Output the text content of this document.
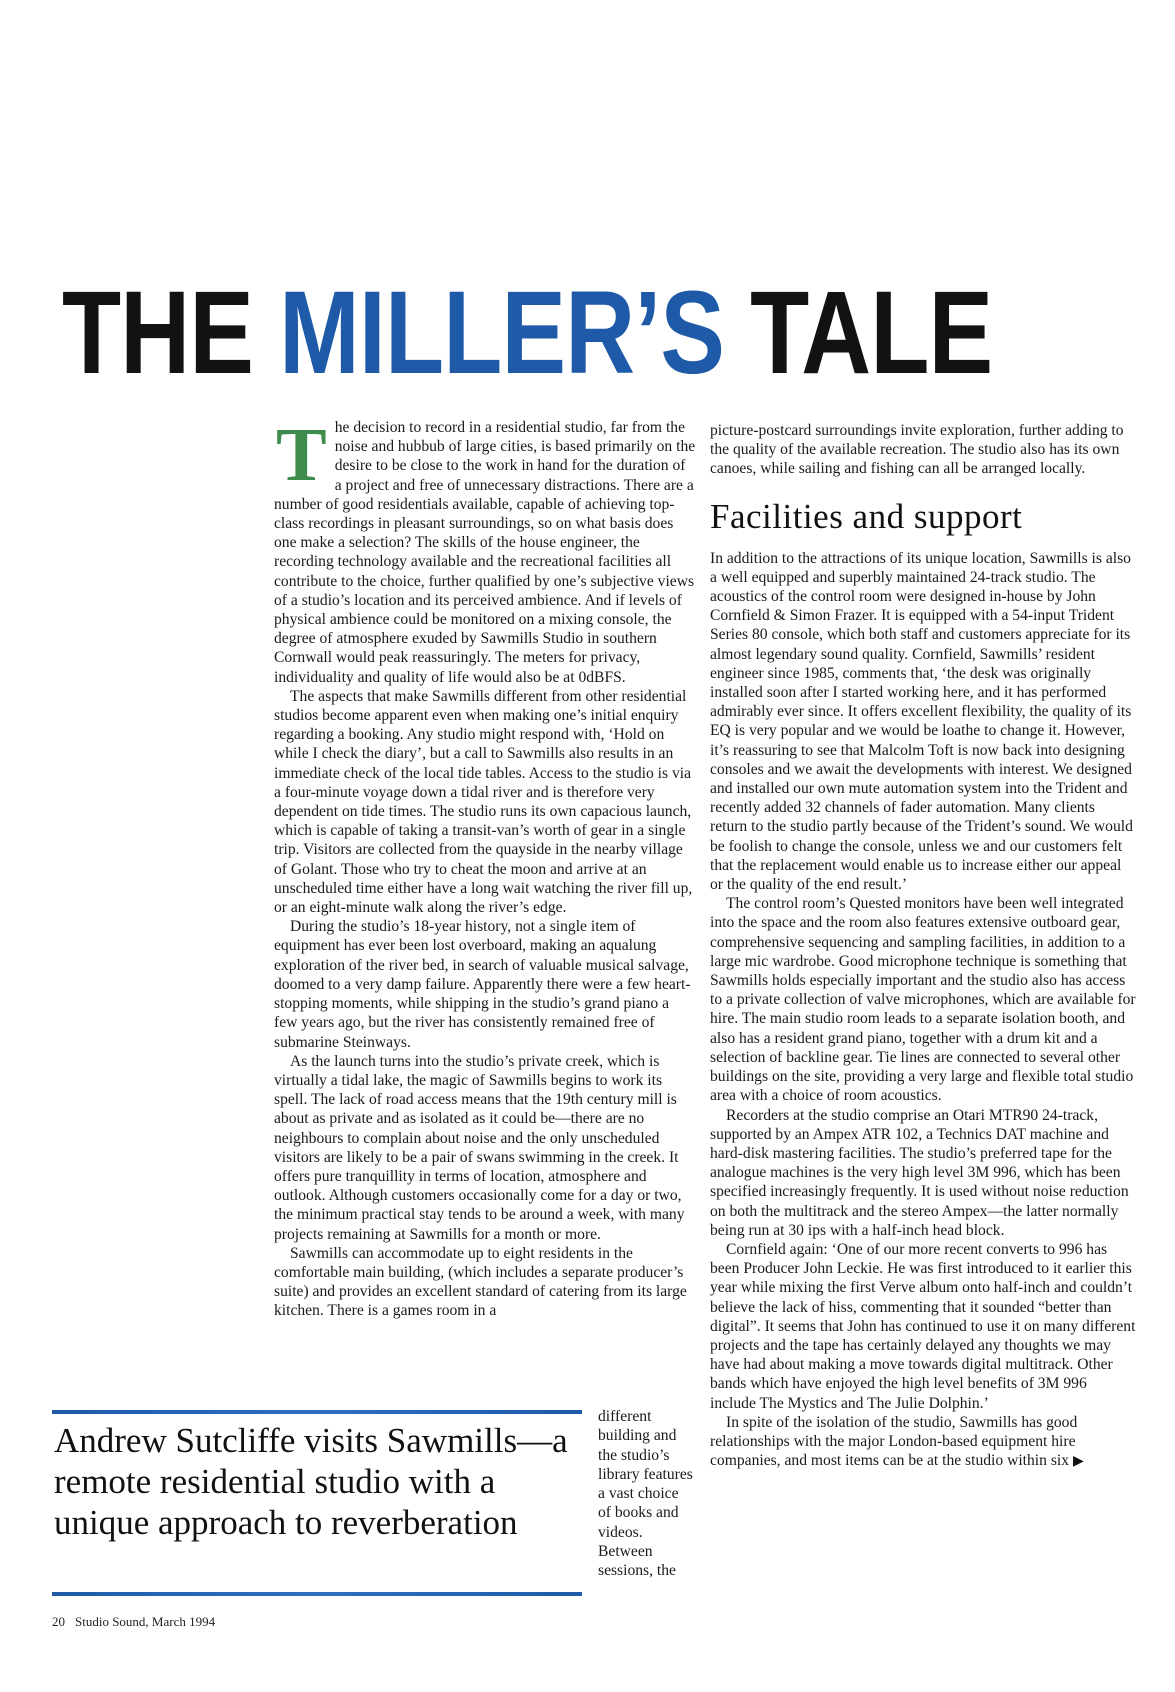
THE MILLER’S TALE

The decision to record in a residential studio, far from the noise and hubbub of large cities, is based primarily on the desire to be close to the work in hand for the duration of a project and free of unnecessary distractions. There are a number of good residentials available, capable of achieving top-class recordings in pleasant surroundings, so on what basis does one make a selection? The skills of the house engineer, the recording technology available and the recreational facilities all contribute to the choice, further qualified by one’s subjective views of a studio’s location and its perceived ambience. And if levels of physical ambience could be monitored on a mixing console, the degree of atmosphere exuded by Sawmills Studio in southern Cornwall would peak reassuringly. The meters for privacy, individuality and quality of life would also be at 0dBFS.

The aspects that make Sawmills different from other residential studios become apparent even when making one’s initial enquiry regarding a booking. Any studio might respond with, ‘Hold on while I check the diary’, but a call to Sawmills also results in an immediate check of the local tide tables. Access to the studio is via a four-minute voyage down a tidal river and is therefore very dependent on tide times. The studio runs its own capacious launch, which is capable of taking a transit-van’s worth of gear in a single trip. Visitors are collected from the quayside in the nearby village of Golant. Those who try to cheat the moon and arrive at an unscheduled time either have a long wait watching the river fill up, or an eight-minute walk along the river’s edge.

During the studio’s 18-year history, not a single item of equipment has ever been lost overboard, making an aqualung exploration of the river bed, in search of valuable musical salvage, doomed to a very damp failure. Apparently there were a few heart-stopping moments, while shipping in the studio’s grand piano a few years ago, but the river has consistently remained free of submarine Steinways.

As the launch turns into the studio’s private creek, which is virtually a tidal lake, the magic of Sawmills begins to work its spell. The lack of road access means that the 19th century mill is about as private and as isolated as it could be—there are no neighbours to complain about noise and the only unscheduled visitors are likely to be a pair of swans swimming in the creek. It offers pure tranquillity in terms of location, atmosphere and outlook. Although customers occasionally come for a day or two, the minimum practical stay tends to be around a week, with many projects remaining at Sawmills for a month or more.

Sawmills can accommodate up to eight residents in the comfortable main building, (which includes a separate producer’s suite) and provides an excellent standard of catering from its large kitchen. There is a games room in a

different building and the studio’s library features a vast choice of books and videos. Between sessions, the

Andrew Sutcliffe visits Sawmills—a remote residential studio with a unique approach to reverberation

picture-postcard surroundings invite exploration, further adding to the quality of the available recreation. The studio also has its own canoes, while sailing and fishing can all be arranged locally.

Facilities and support

In addition to the attractions of its unique location, Sawmills is also a well equipped and superbly maintained 24-track studio. The acoustics of the control room were designed in-house by John Cornfield & Simon Frazer. It is equipped with a 54-input Trident Series 80 console, which both staff and customers appreciate for its almost legendary sound quality. Cornfield, Sawmills’ resident engineer since 1985, comments that, ‘the desk was originally installed soon after I started working here, and it has performed admirably ever since. It offers excellent flexibility, the quality of its EQ is very popular and we would be loathe to change it. However, it’s reassuring to see that Malcolm Toft is now back into designing consoles and we await the developments with interest. We designed and installed our own mute automation system into the Trident and recently added 32 channels of fader automation. Many clients return to the studio partly because of the Trident’s sound. We would be foolish to change the console, unless we and our customers felt that the replacement would enable us to increase either our appeal or the quality of the end result.’

The control room’s Quested monitors have been well integrated into the space and the room also features extensive outboard gear, comprehensive sequencing and sampling facilities, in addition to a large mic wardrobe. Good microphone technique is something that Sawmills holds especially important and the studio also has access to a private collection of valve microphones, which are available for hire. The main studio room leads to a separate isolation booth, and also has a resident grand piano, together with a drum kit and a selection of backline gear. Tie lines are connected to several other buildings on the site, providing a very large and flexible total studio area with a choice of room acoustics.

Recorders at the studio comprise an Otari MTR90 24-track, supported by an Ampex ATR 102, a Technics DAT machine and hard-disk mastering facilities. The studio’s preferred tape for the analogue machines is the very high level 3M 996, which has been specified increasingly frequently. It is used without noise reduction on both the multitrack and the stereo Ampex—the latter normally being run at 30 ips with a half-inch head block.

Cornfield again: ‘One of our more recent converts to 996 has been Producer John Leckie. He was first introduced to it earlier this year while mixing the first Verve album onto half-inch and couldn’t believe the lack of hiss, commenting that it sounded “better than digital”. It seems that John has continued to use it on many different projects and the tape has certainly delayed any thoughts we may have had about making a move towards digital multitrack. Other bands which have enjoyed the high level benefits of 3M 996 include The Mystics and The Julie Dolphin.’

In spite of the isolation of the studio, Sawmills has good relationships with the major London-based equipment hire companies, and most items can be at the studio within six ▶

20 Studio Sound, March 1994
